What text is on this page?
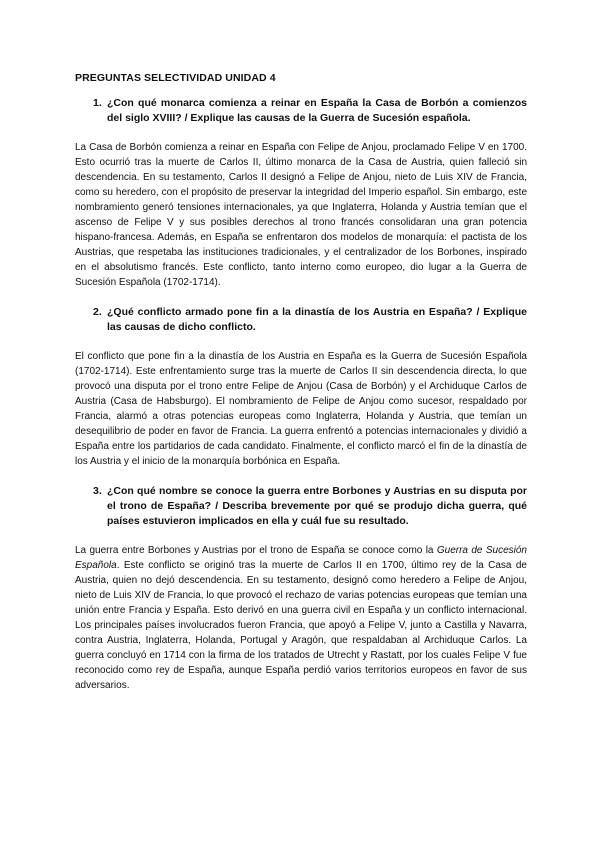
PREGUNTAS SELECTIVIDAD UNIDAD 4
1. ¿Con qué monarca comienza a reinar en España la Casa de Borbón a comienzos del siglo XVIII? / Explique las causas de la Guerra de Sucesión española.

La Casa de Borbón comienza a reinar en España con Felipe de Anjou, proclamado Felipe V en 1700. Esto ocurrió tras la muerte de Carlos II, último monarca de la Casa de Austria, quien falleció sin descendencia. En su testamento, Carlos II designó a Felipe de Anjou, nieto de Luis XIV de Francia, como su heredero, con el propósito de preservar la integridad del Imperio español. Sin embargo, este nombramiento generó tensiones internacionales, ya que Inglaterra, Holanda y Austria temían que el ascenso de Felipe V y sus posibles derechos al trono francés consolidaran una gran potencia hispano-francesa. Además, en España se enfrentaron dos modelos de monarquía: el pactista de los Austrias, que respetaba las instituciones tradicionales, y el centralizador de los Borbones, inspirado en el absolutismo francés. Este conflicto, tanto interno como europeo, dio lugar a la Guerra de Sucesión Española (1702-1714).

2. ¿Qué conflicto armado pone fin a la dinastía de los Austria en España? / Explique las causas de dicho conflicto.

El conflicto que pone fin a la dinastía de los Austria en España es la Guerra de Sucesión Española (1702-1714). Este enfrentamiento surge tras la muerte de Carlos II sin descendencia directa, lo que provocó una disputa por el trono entre Felipe de Anjou (Casa de Borbón) y el Archiduque Carlos de Austria (Casa de Habsburgo). El nombramiento de Felipe de Anjou como sucesor, respaldado por Francia, alarmó a otras potencias europeas como Inglaterra, Holanda y Austria, que temían un desequilibrio de poder en favor de Francia. La guerra enfrentó a potencias internacionales y dividió a España entre los partidarios de cada candidato. Finalmente, el conflicto marcó el fin de la dinastía de los Austria y el inicio de la monarquía borbónica en España.

3. ¿Con qué nombre se conoce la guerra entre Borbones y Austrias en su disputa por el trono de España? / Describa brevemente por qué se produjo dicha guerra, qué países estuvieron implicados en ella y cuál fue su resultado.

La guerra entre Borbones y Austrias por el trono de España se conoce como la Guerra de Sucesión Española. Este conflicto se originó tras la muerte de Carlos II en 1700, último rey de la Casa de Austria, quien no dejó descendencia. En su testamento, designó como heredero a Felipe de Anjou, nieto de Luis XIV de Francia, lo que provocó el rechazo de varias potencias europeas que temían una unión entre Francia y España. Esto derivó en una guerra civil en España y un conflicto internacional. Los principales países involucrados fueron Francia, que apoyó a Felipe V, junto a Castilla y Navarra, contra Austria, Inglaterra, Holanda, Portugal y Aragón, que respaldaban al Archiduque Carlos. La guerra concluyó en 1714 con la firma de los tratados de Utrecht y Rastatt, por los cuales Felipe V fue reconocido como rey de España, aunque España perdió varios territorios europeos en favor de sus adversarios.
